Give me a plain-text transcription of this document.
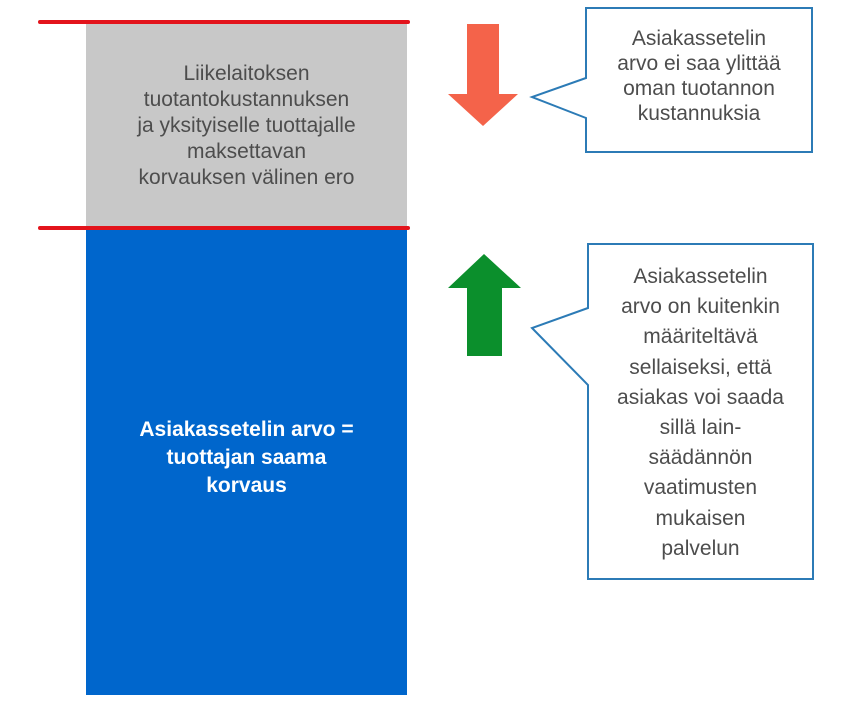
Liikelaitoksen
tuotantokustannuksen
ja yksityiselle tuottajalle
maksettavan
korvauksen välinen ero
Asiakassetelin arvo =
tuottajan saama
korvaus
Asiakassetelin
arvo ei saa ylittää
oman tuotannon
kustannuksia
Asiakassetelin
arvo on kuitenkin
määriteltävä
sellaiseksi, että
asiakas voi saada
sillä lain-
säädännön
vaatimusten
mukaisen
palvelun
